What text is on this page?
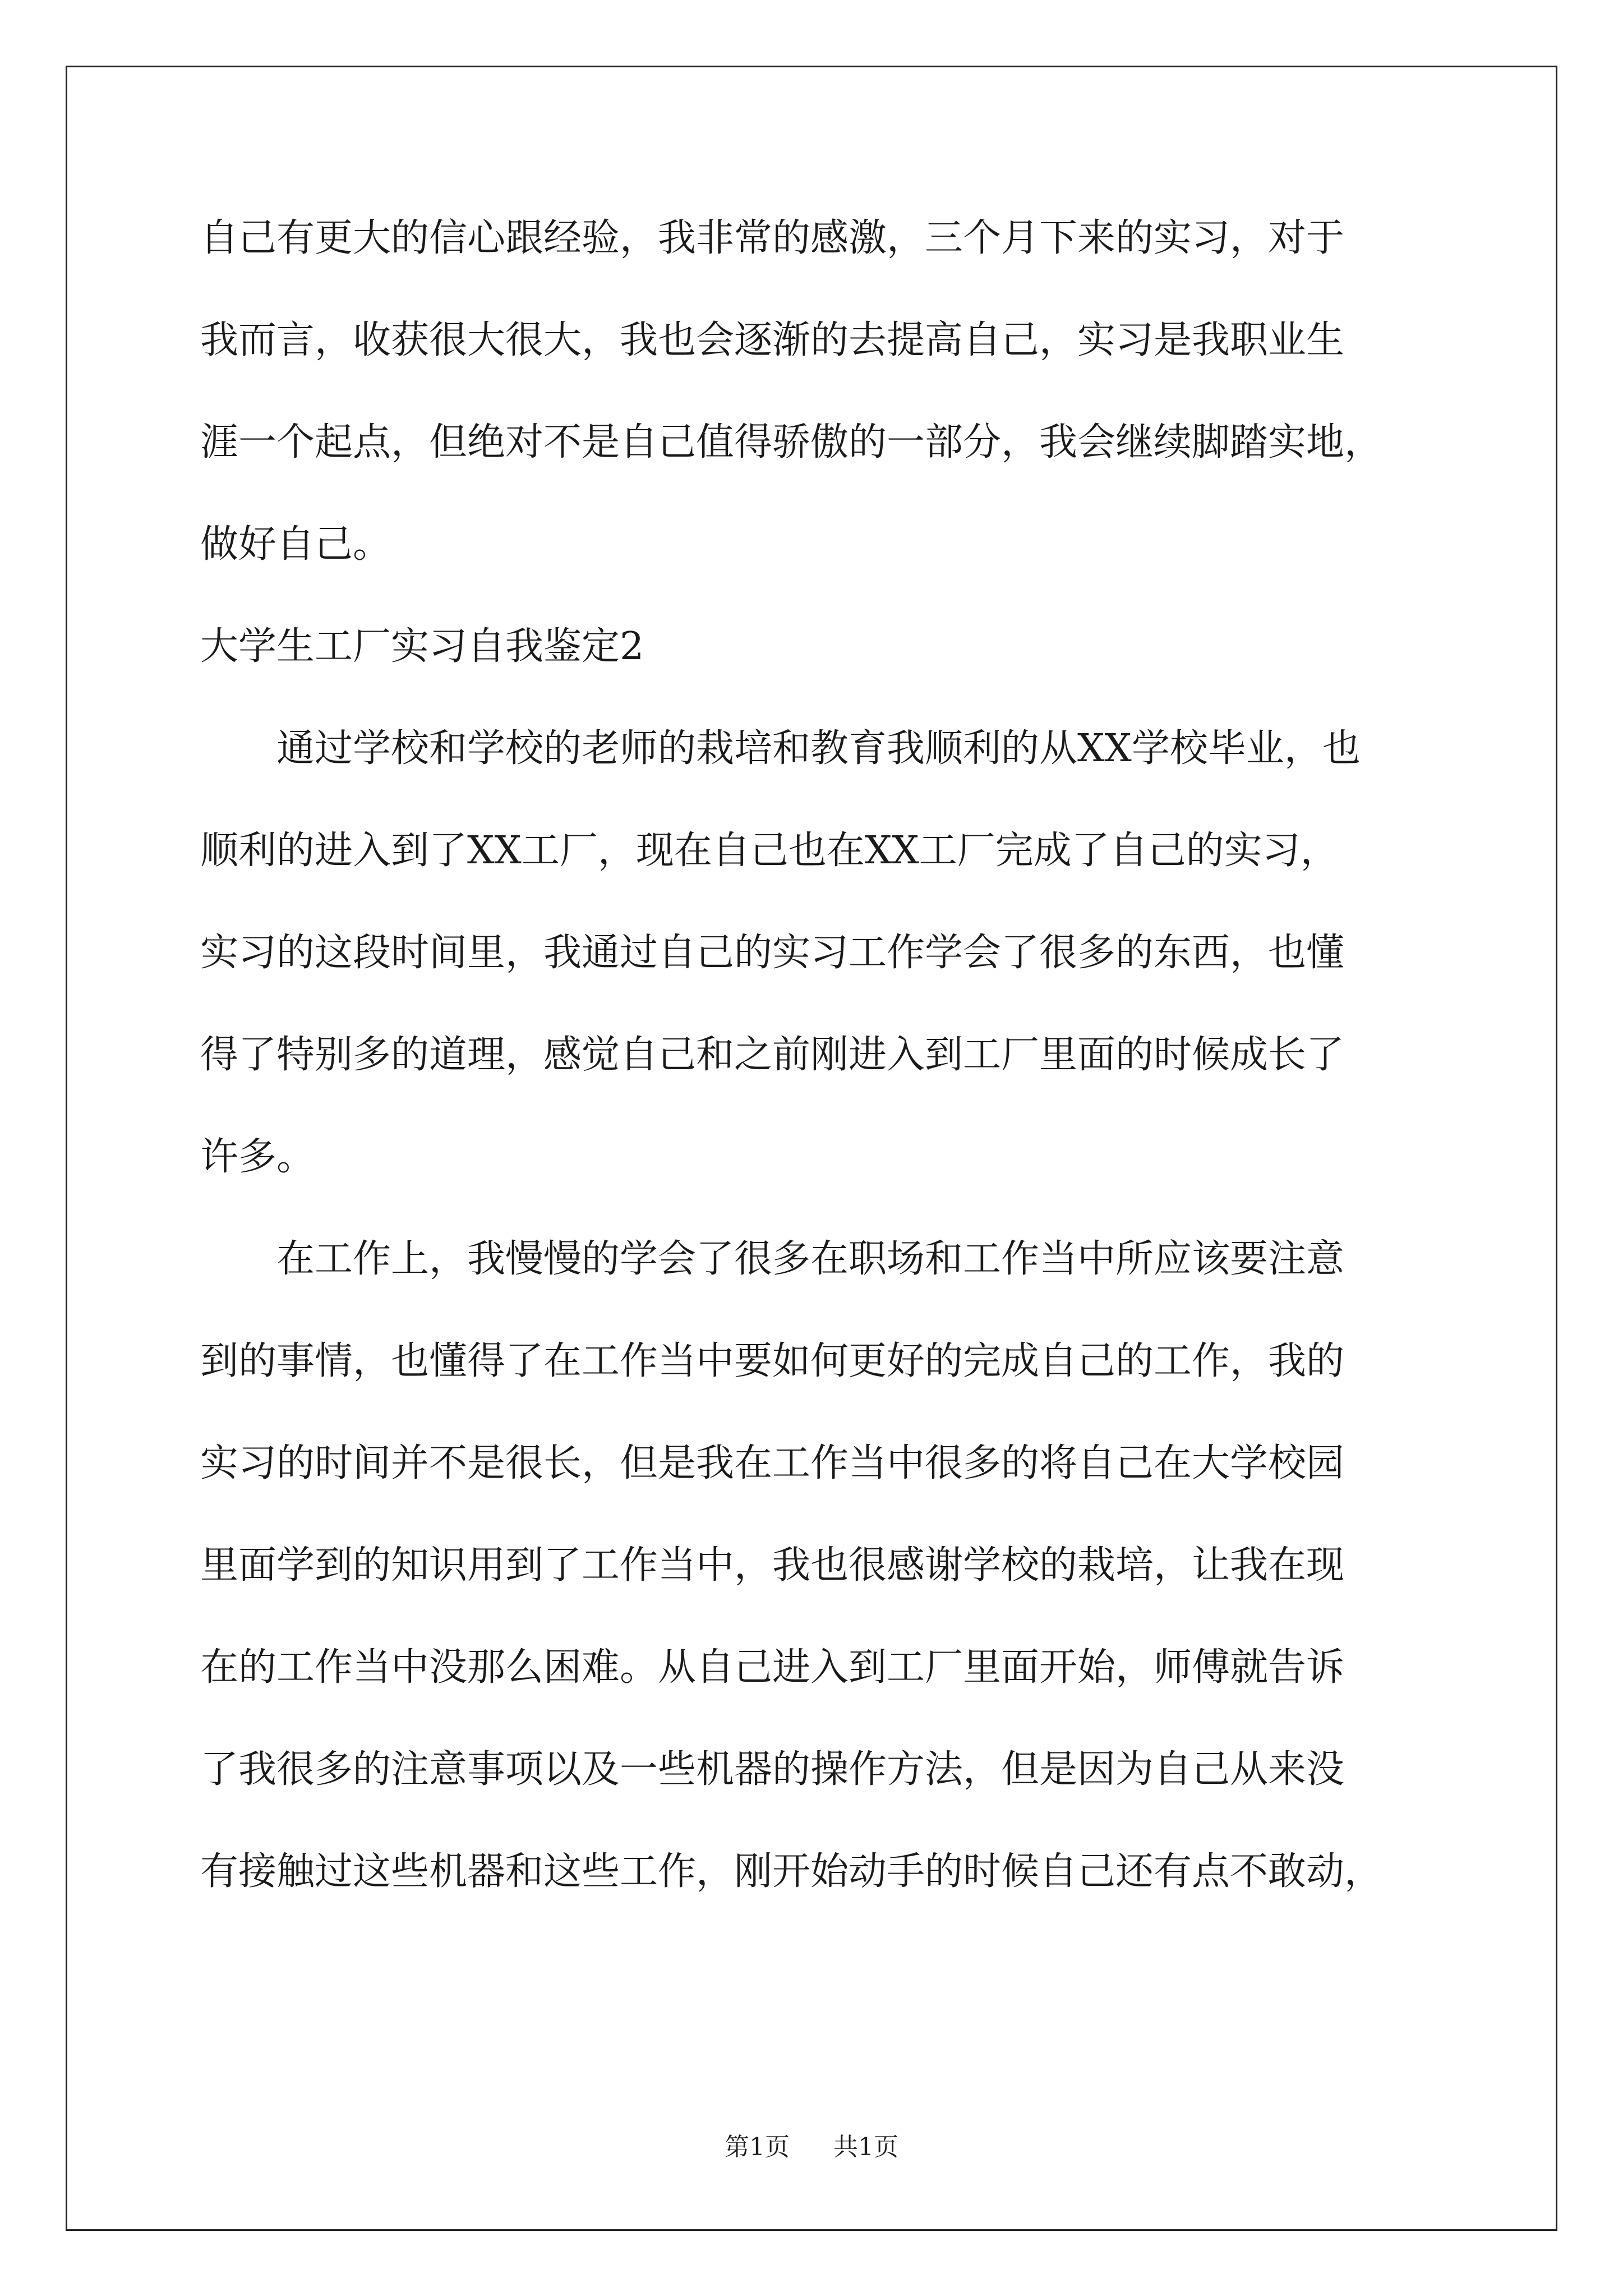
自己有更大的信心跟经验，我非常的感激，三个月下来的实习，对于
我而言，收获很大很大，我也会逐渐的去提高自己，实习是我职业生
涯一个起点，但绝对不是自己值得骄傲的一部分，我会继续脚踏实地，
做好自己。
大学生工厂实习自我鉴定2
通过学校和学校的老师的栽培和教育我顺利的从XX学校毕业，也
顺利的进入到了XX工厂，现在自己也在XX工厂完成了自己的实习，
实习的这段时间里，我通过自己的实习工作学会了很多的东西，也懂
得了特别多的道理，感觉自己和之前刚进入到工厂里面的时候成长了
许多。
在工作上，我慢慢的学会了很多在职场和工作当中所应该要注意
到的事情，也懂得了在工作当中要如何更好的完成自己的工作，我的
实习的时间并不是很长，但是我在工作当中很多的将自己在大学校园
里面学到的知识用到了工作当中，我也很感谢学校的栽培，让我在现
在的工作当中没那么困难。从自己进入到工厂里面开始，师傅就告诉
了我很多的注意事项以及一些机器的操作方法，但是因为自己从来没
有接触过这些机器和这些工作，刚开始动手的时候自己还有点不敢动，
第1页 共1页
